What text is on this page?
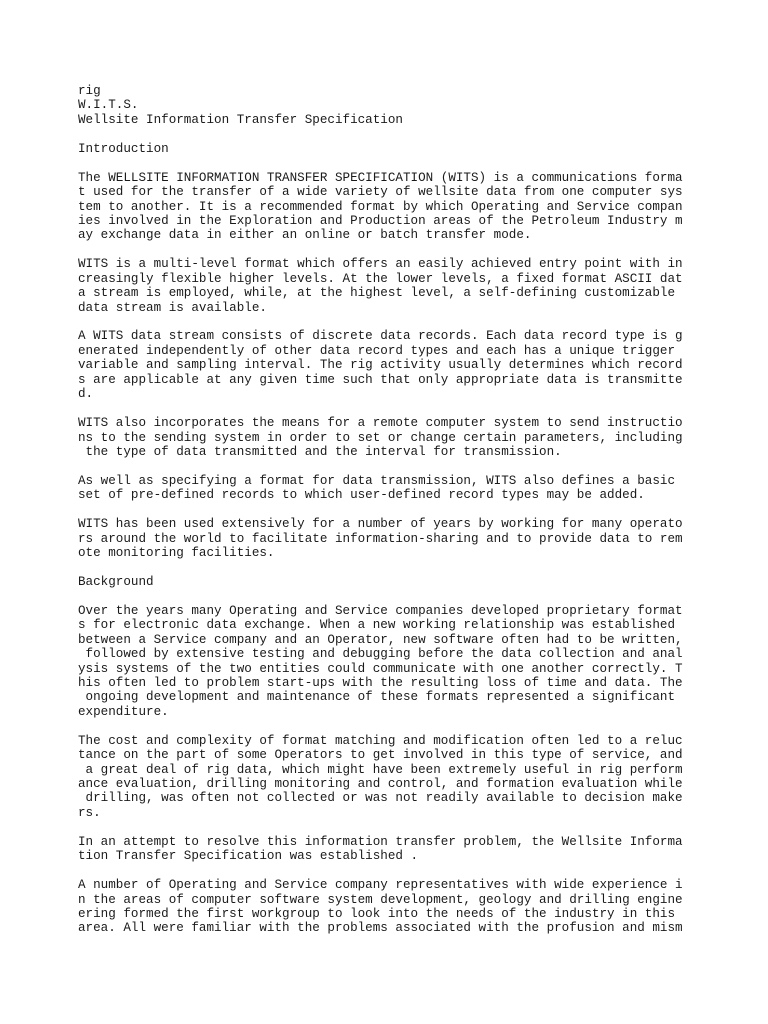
rig
W.I.T.S.
Wellsite Information Transfer Specification
Introduction
The WELLSITE INFORMATION TRANSFER SPECIFICATION (WITS) is a communications forma
t used for the transfer of a wide variety of wellsite data from one computer sys
tem to another. It is a recommended format by which Operating and Service compan
ies involved in the Exploration and Production areas of the Petroleum Industry m
ay exchange data in either an online or batch transfer mode.
WITS is a multi-level format which offers an easily achieved entry point with in
creasingly flexible higher levels. At the lower levels, a fixed format ASCII dat
a stream is employed, while, at the highest level, a self-defining customizable
data stream is available.
A WITS data stream consists of discrete data records. Each data record type is g
enerated independently of other data record types and each has a unique trigger
variable and sampling interval. The rig activity usually determines which record
s are applicable at any given time such that only appropriate data is transmitte
d.
WITS also incorporates the means for a remote computer system to send instructio
ns to the sending system in order to set or change certain parameters, including
the type of data transmitted and the interval for transmission.
As well as specifying a format for data transmission, WITS also defines a basic
set of pre-defined records to which user-defined record types may be added.
WITS has been used extensively for a number of years by working for many operato
rs around the world to facilitate information-sharing and to provide data to rem
ote monitoring facilities.
Background
Over the years many Operating and Service companies developed proprietary format
s for electronic data exchange. When a new working relationship was established
between a Service company and an Operator, new software often had to be written,
followed by extensive testing and debugging before the data collection and anal
ysis systems of the two entities could communicate with one another correctly. T
his often led to problem start-ups with the resulting loss of time and data. The
ongoing development and maintenance of these formats represented a significant
expenditure.
The cost and complexity of format matching and modification often led to a reluc
tance on the part of some Operators to get involved in this type of service, and
a great deal of rig data, which might have been extremely useful in rig perform
ance evaluation, drilling monitoring and control, and formation evaluation while
drilling, was often not collected or was not readily available to decision make
rs.
In an attempt to resolve this information transfer problem, the Wellsite Informa
tion Transfer Specification was established .
A number of Operating and Service company representatives with wide experience i
n the areas of computer software system development, geology and drilling engine
ering formed the first workgroup to look into the needs of the industry in this
area. All were familiar with the problems associated with the profusion and mism
